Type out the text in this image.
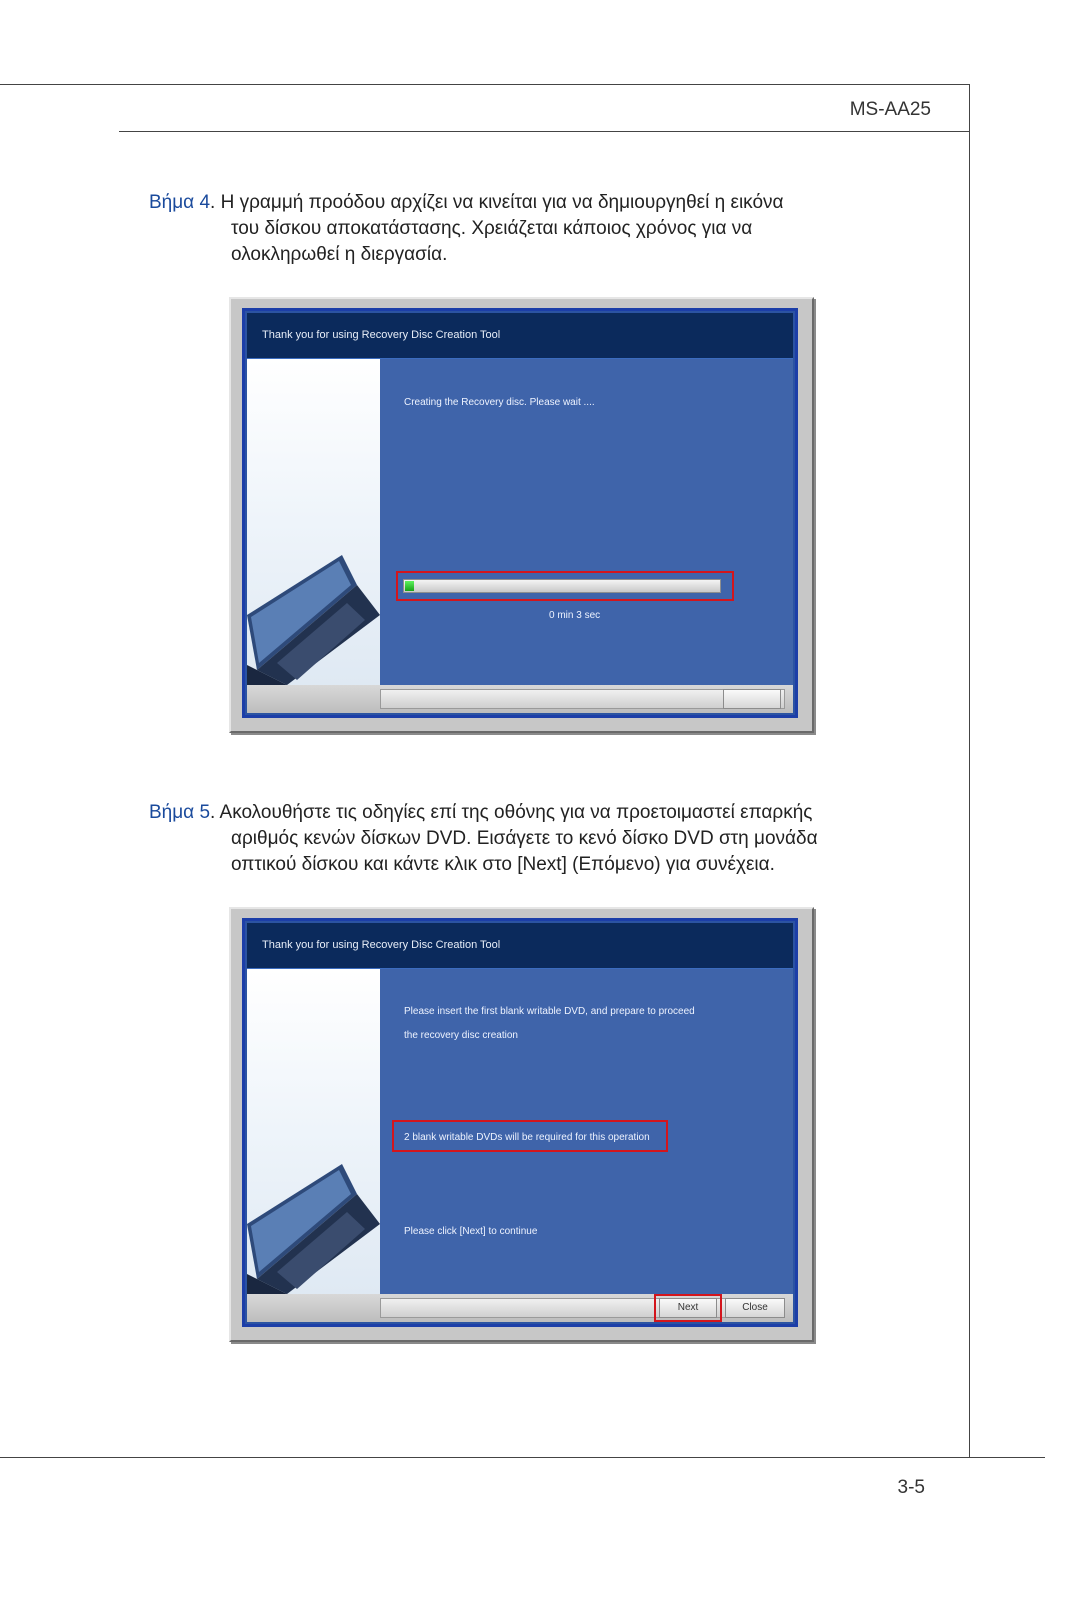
MS-AA25
3-5
Βήμα 4. Η γραμμή προόδου αρχίζει να κινείται για να δημιουργηθεί η εικόνα
του δίσκου αποκατάστασης. Χρειάζεται κάποιος χρόνος για να
ολοκληρωθεί η διεργασία.
Thank you for using Recovery Disc Creation Tool
Creating the Recovery disc. Please wait ....
0 min 3 sec
Βήμα 5. Ακολουθήστε τις οδηγίες επί της οθόνης για να προετοιμαστεί επαρκής
αριθμός κενών δίσκων DVD. Εισάγετε το κενό δίσκο DVD στη μονάδα
οπτικού δίσκου και κάντε κλικ στο [Next] (Επόμενο) για συνέχεια.
Thank you for using Recovery Disc Creation Tool
Please insert the first blank writable DVD, and prepare to proceed
the recovery disc creation
2 blank writable DVDs will be required for this operation
Please click [Next] to continue
Next	Close
